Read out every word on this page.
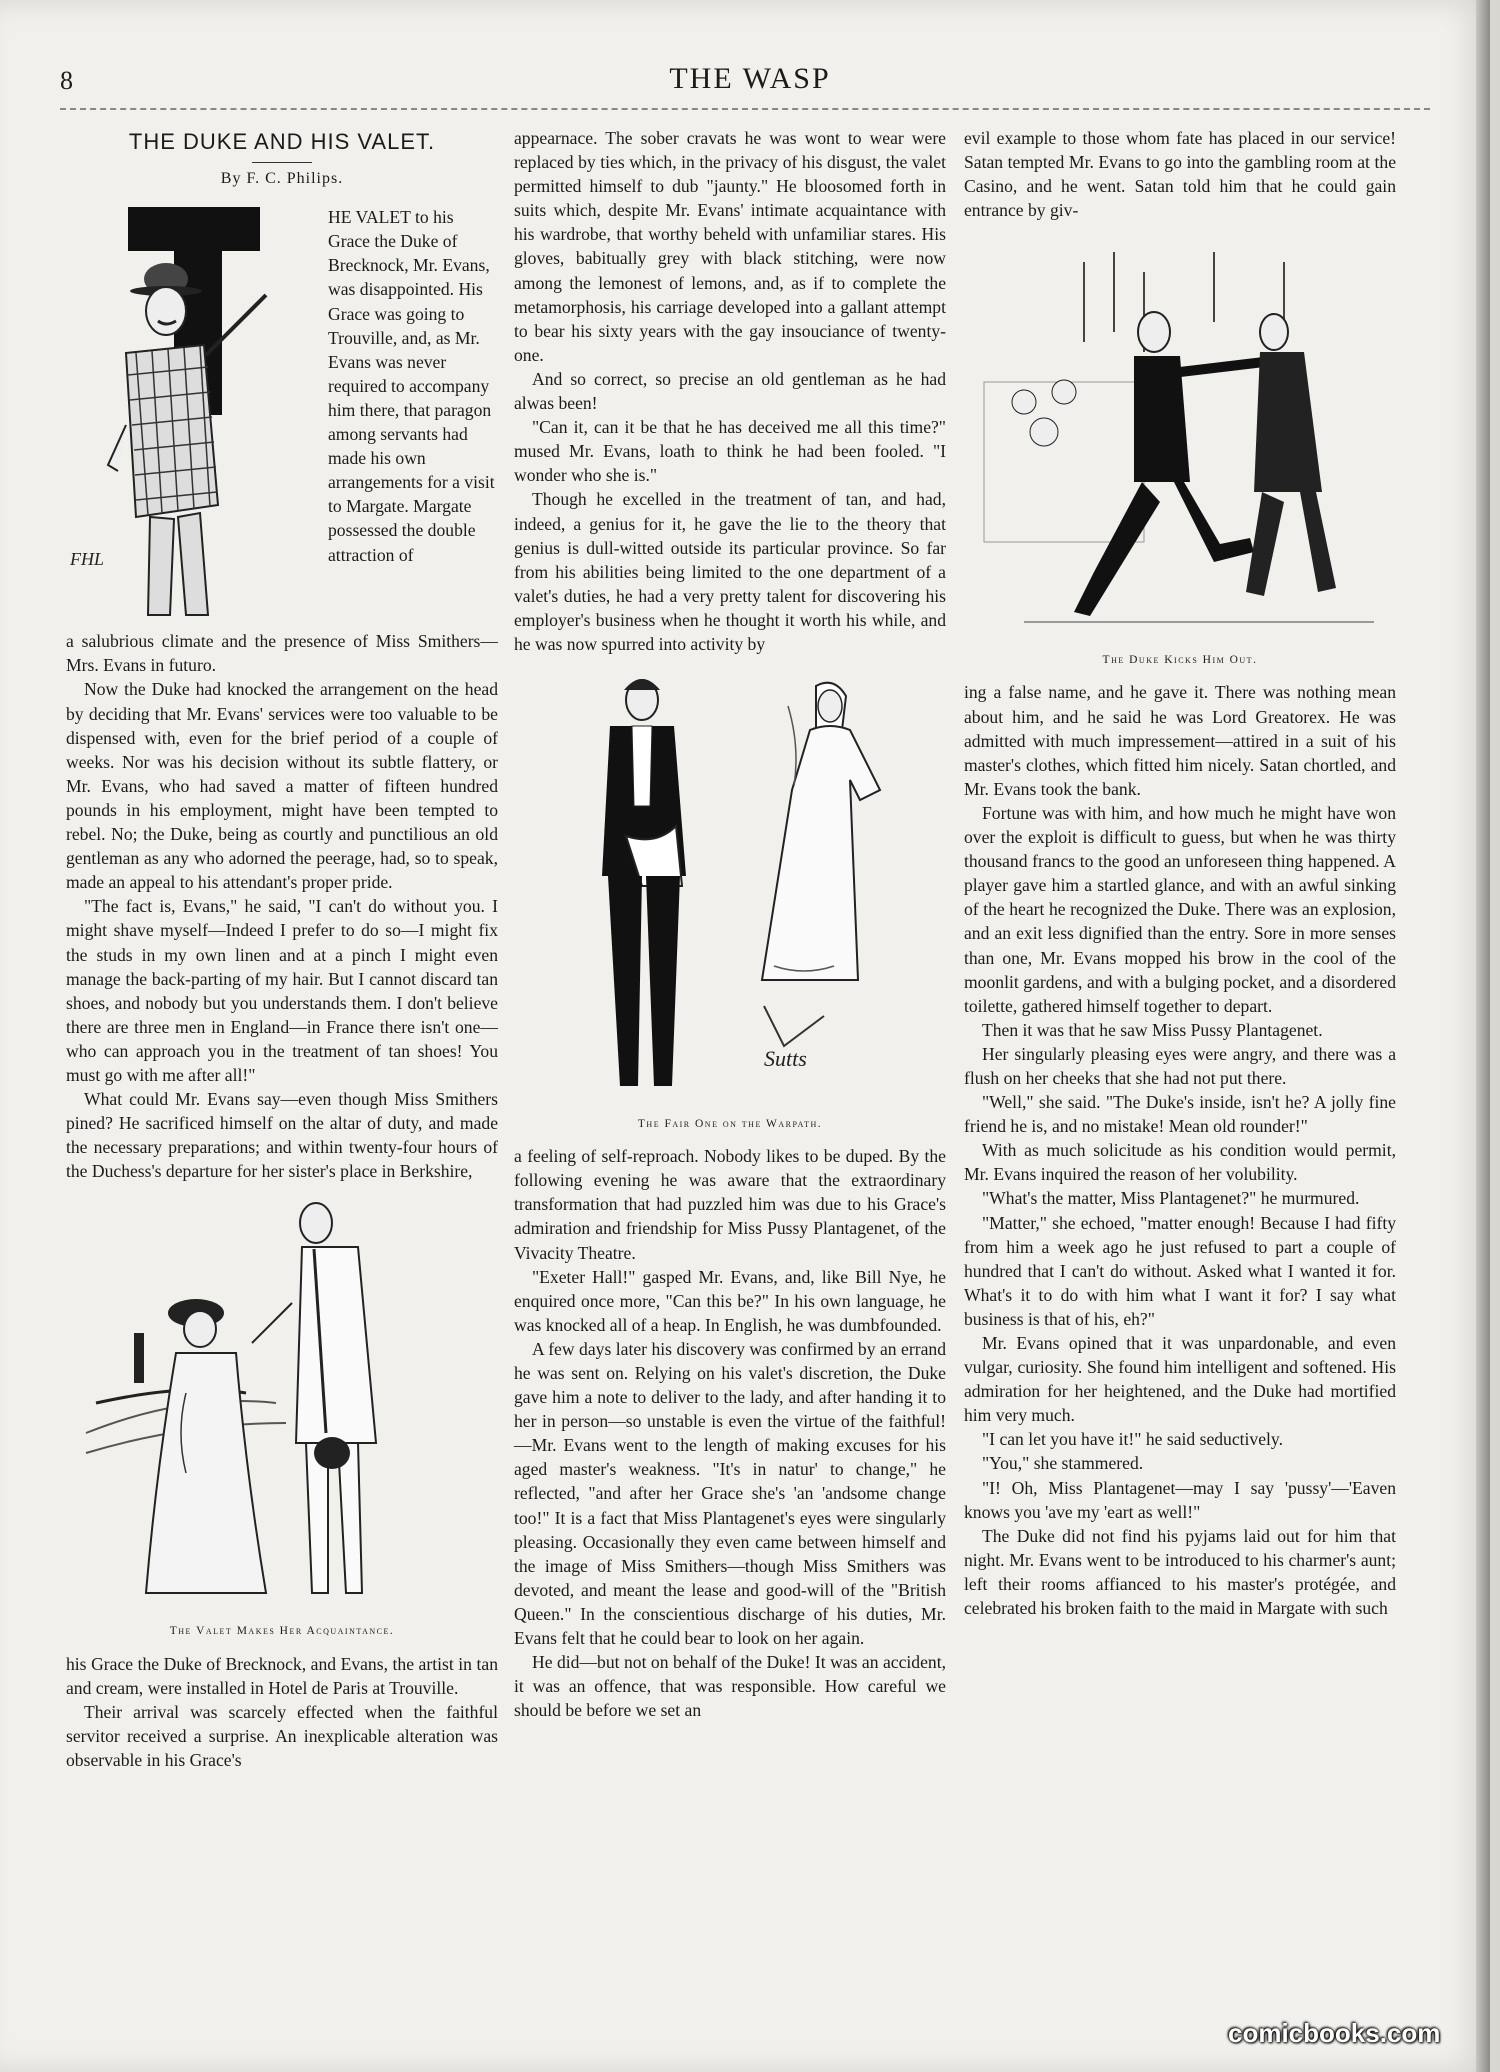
8	THE WASP
THE DUKE AND HIS VALET.
By F. C. Philips.
T
FHL
HE VALET to his Grace the Duke of Brecknock, Mr. Evans, was disappointed. His Grace was going to Trouville, and, as Mr. Evans was never required to accompany him there, that paragon among servants had made his own arrangements for a visit to Margate. Margate possessed the double attraction of

a salubrious climate and the presence of Miss Smithers—Mrs. Evans in futuro.

Now the Duke had knocked the arrangement on the head by deciding that Mr. Evans' services were too valuable to be dispensed with, even for the brief period of a couple of weeks. Nor was his decision without its subtle flattery, or Mr. Evans, who had saved a matter of fifteen hundred pounds in his employment, might have been tempted to rebel. No; the Duke, being as courtly and punctilious an old gentleman as any who adorned the peerage, had, so to speak, made an appeal to his attendant's proper pride.

"The fact is, Evans," he said, "I can't do without you. I might shave myself—Indeed I prefer to do so—I might fix the studs in my own linen and at a pinch I might even manage the back-parting of my hair. But I cannot discard tan shoes, and nobody but you understands them. I don't believe there are three men in England—in France there isn't one—who can approach you in the treatment of tan shoes! You must go with me after all!"

What could Mr. Evans say—even though Miss Smithers pined? He sacrificed himself on the altar of duty, and made the necessary preparations; and within twenty-four hours of the Duchess's departure for her sister's place in Berkshire,

The Valet Makes Her Acquaintance.

his Grace the Duke of Brecknock, and Evans, the artist in tan and cream, were installed in Hotel de Paris at Trouville.

Their arrival was scarcely effected when the faithful servitor received a surprise. An inexplicable alteration was observable in his Grace's

appearnace. The sober cravats he was wont to wear were replaced by ties which, in the privacy of his disgust, the valet permitted himself to dub "jaunty." He bloosomed forth in suits which, despite Mr. Evans' intimate acquaintance with his wardrobe, that worthy beheld with unfamiliar stares. His gloves, babitually grey with black stitching, were now among the lemonest of lemons, and, as if to complete the metamorphosis, his carriage developed into a gallant attempt to bear his sixty years with the gay insouciance of twenty-one.

And so correct, so precise an old gentleman as he had alwas been!

"Can it, can it be that he has deceived me all this time?" mused Mr. Evans, loath to think he had been fooled. "I wonder who she is."

Though he excelled in the treatment of tan, and had, indeed, a genius for it, he gave the lie to the theory that genius is dull-witted outside its particular province. So far from his abilities being limited to the one department of a valet's duties, he had a very pretty talent for discovering his employer's business when he thought it worth his while, and he was now spurred into activity by

Sutts
The Fair One on the Warpath.

a feeling of self-reproach. Nobody likes to be duped. By the following evening he was aware that the extraordinary transformation that had puzzled him was due to his Grace's admiration and friendship for Miss Pussy Plantagenet, of the Vivacity Theatre.

"Exeter Hall!" gasped Mr. Evans, and, like Bill Nye, he enquired once more, "Can this be?" In his own language, he was knocked all of a heap. In English, he was dumbfounded.

A few days later his discovery was confirmed by an errand he was sent on. Relying on his valet's discretion, the Duke gave him a note to deliver to the lady, and after handing it to her in person—so unstable is even the virtue of the faithful!—Mr. Evans went to the length of making excuses for his aged master's weakness. "It's in natur' to change," he reflected, "and after her Grace she's 'an 'andsome change too!" It is a fact that Miss Plantagenet's eyes were singularly pleasing. Occasionally they even came between himself and the image of Miss Smithers—though Miss Smithers was devoted, and meant the lease and good-will of the "British Queen." In the conscientious discharge of his duties, Mr. Evans felt that he could bear to look on her again.

He did—but not on behalf of the Duke! It was an accident, it was an offence, that was responsible. How careful we should be before we set an

evil example to those whom fate has placed in our service! Satan tempted Mr. Evans to go into the gambling room at the Casino, and he went. Satan told him that he could gain entrance by giv-

The Duke Kicks Him Out.

ing a false name, and he gave it. There was nothing mean about him, and he said he was Lord Greatorex. He was admitted with much impressement—attired in a suit of his master's clothes, which fitted him nicely. Satan chortled, and Mr. Evans took the bank.

Fortune was with him, and how much he might have won over the exploit is difficult to guess, but when he was thirty thousand francs to the good an unforeseen thing happened. A player gave him a startled glance, and with an awful sinking of the heart he recognized the Duke. There was an explosion, and an exit less dignified than the entry. Sore in more senses than one, Mr. Evans mopped his brow in the cool of the moonlit gardens, and with a bulging pocket, and a disordered toilette, gathered himself together to depart.

Then it was that he saw Miss Pussy Plantagenet.

Her singularly pleasing eyes were angry, and there was a flush on her cheeks that she had not put there.

"Well," she said. "The Duke's inside, isn't he? A jolly fine friend he is, and no mistake! Mean old rounder!"

With as much solicitude as his condition would permit, Mr. Evans inquired the reason of her volubility.

"What's the matter, Miss Plantagenet?" he murmured.

"Matter," she echoed, "matter enough! Because I had fifty from him a week ago he just refused to part a couple of hundred that I can't do without. Asked what I wanted it for. What's it to do with him what I want it for? I say what business is that of his, eh?"

Mr. Evans opined that it was unpardonable, and even vulgar, curiosity. She found him intelligent and softened. His admiration for her heightened, and the Duke had mortified him very much.

"I can let you have it!" he said seductively.

"You," she stammered.

"I! Oh, Miss Plantagenet—may I say 'pussy'—'Eaven knows you 'ave my 'eart as well!"

The Duke did not find his pyjams laid out for him that night. Mr. Evans went to be introduced to his charmer's aunt; left their rooms affianced to his master's protégée, and celebrated his broken faith to the maid in Margate with such

comicbooks.com
